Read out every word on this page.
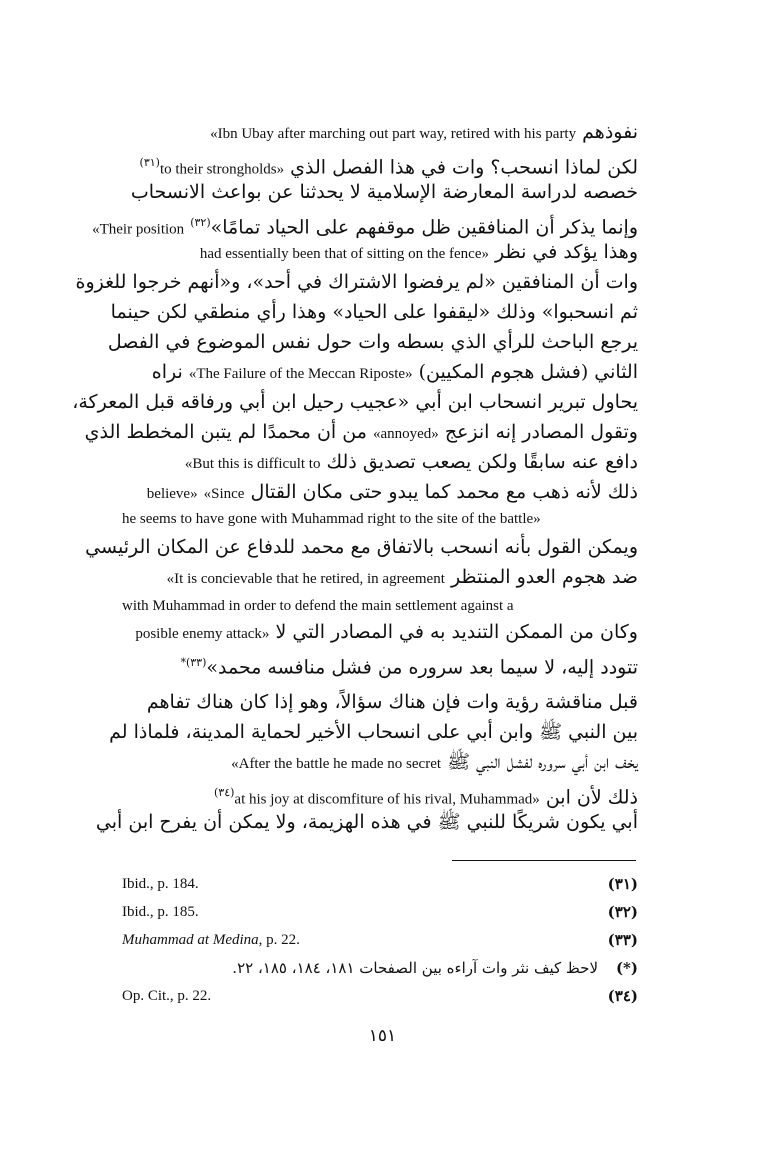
نفوذهم «Ibn Ubay after marching out part way, retired with his party
لكن لماذا انسحب؟ وات في هذا الفصل الذي to their strongholds»$^{(٣١)}$
خصصه لدراسة المعارضة الإسلامية لا يحدثنا عن بواعث الانسحاب
وإنما يذكر أن المنافقين ظل موقفهم على الحياد تمامًا»$^{(٣٢)}$ «Their position
وهذا يؤكد في نظر had essentially been that of sitting on the fence»
وات أن المنافقين «لم يرفضوا الاشتراك في أحد»، و«أنهم خرجوا للغزوة
ثم انسحبوا» وذلك «ليقفوا على الحياد» وهذا رأي منطقي لكن حينما
يرجع الباحث للرأي الذي بسطه وات حول نفس الموضوع في الفصل
الثاني (فشل هجوم المكيين) «The Failure of the Meccan Riposte» نراه
يحاول تبرير انسحاب ابن أبي «عجيب رحيل ابن أبي ورفاقه قبل المعركة،
وتقول المصادر إنه انزعج «annoyed» من أن محمدًا لم يتبن المخطط الذي
دافع عنه سابقًا ولكن يصعب تصديق ذلك «But this is difficult to
ذلك لأنه ذهب مع محمد كما يبدو حتى مكان القتال «Since believe»
he seems to have gone with Muhammad right to the site of the battle»
ويمكن القول بأنه انسحب بالاتفاق مع محمد للدفاع عن المكان الرئيسي
ضد هجوم العدو المنتظر «It is concievable that he retired, in agreement
with Muhammad in order to defend the main settlement against a
وكان من الممكن التنديد به في المصادر التي لا posible enemy attack»
تتودد إليه، لا سيما بعد سروره من فشل منافسه محمد»$^{(٣٣)*}$
قبل مناقشة رؤية وات فإن هناك سؤالاً، وهو إذا كان هناك تفاهم
بين النبي ﷺ وابن أبي على انسحاب الأخير لحماية المدينة، فلماذا لم
يخف ابن أبي سروره لفشل النبي ﷺ «After the battle he made no secret
ذلك لأن ابن at his joy at discomfiture of his rival, Muhammad»$^{(٣٤)}$
أبي يكون شريكًا للنبي ﷺ في هذه الهزيمة، ولا يمكن أن يفرح ابن أبي
Ibid., p. 184.	(٣١)
Ibid., p. 185.	(٣٢)
Muhammad at Medina, p. 22.	(٣٣)
لاحظ كيف نثر وات آراءه بين الصفحات ١٨١، ١٨٤، ١٨٥، ٢٢. (*)
Op. Cit., p. 22.	(٣٤)
١٥١
